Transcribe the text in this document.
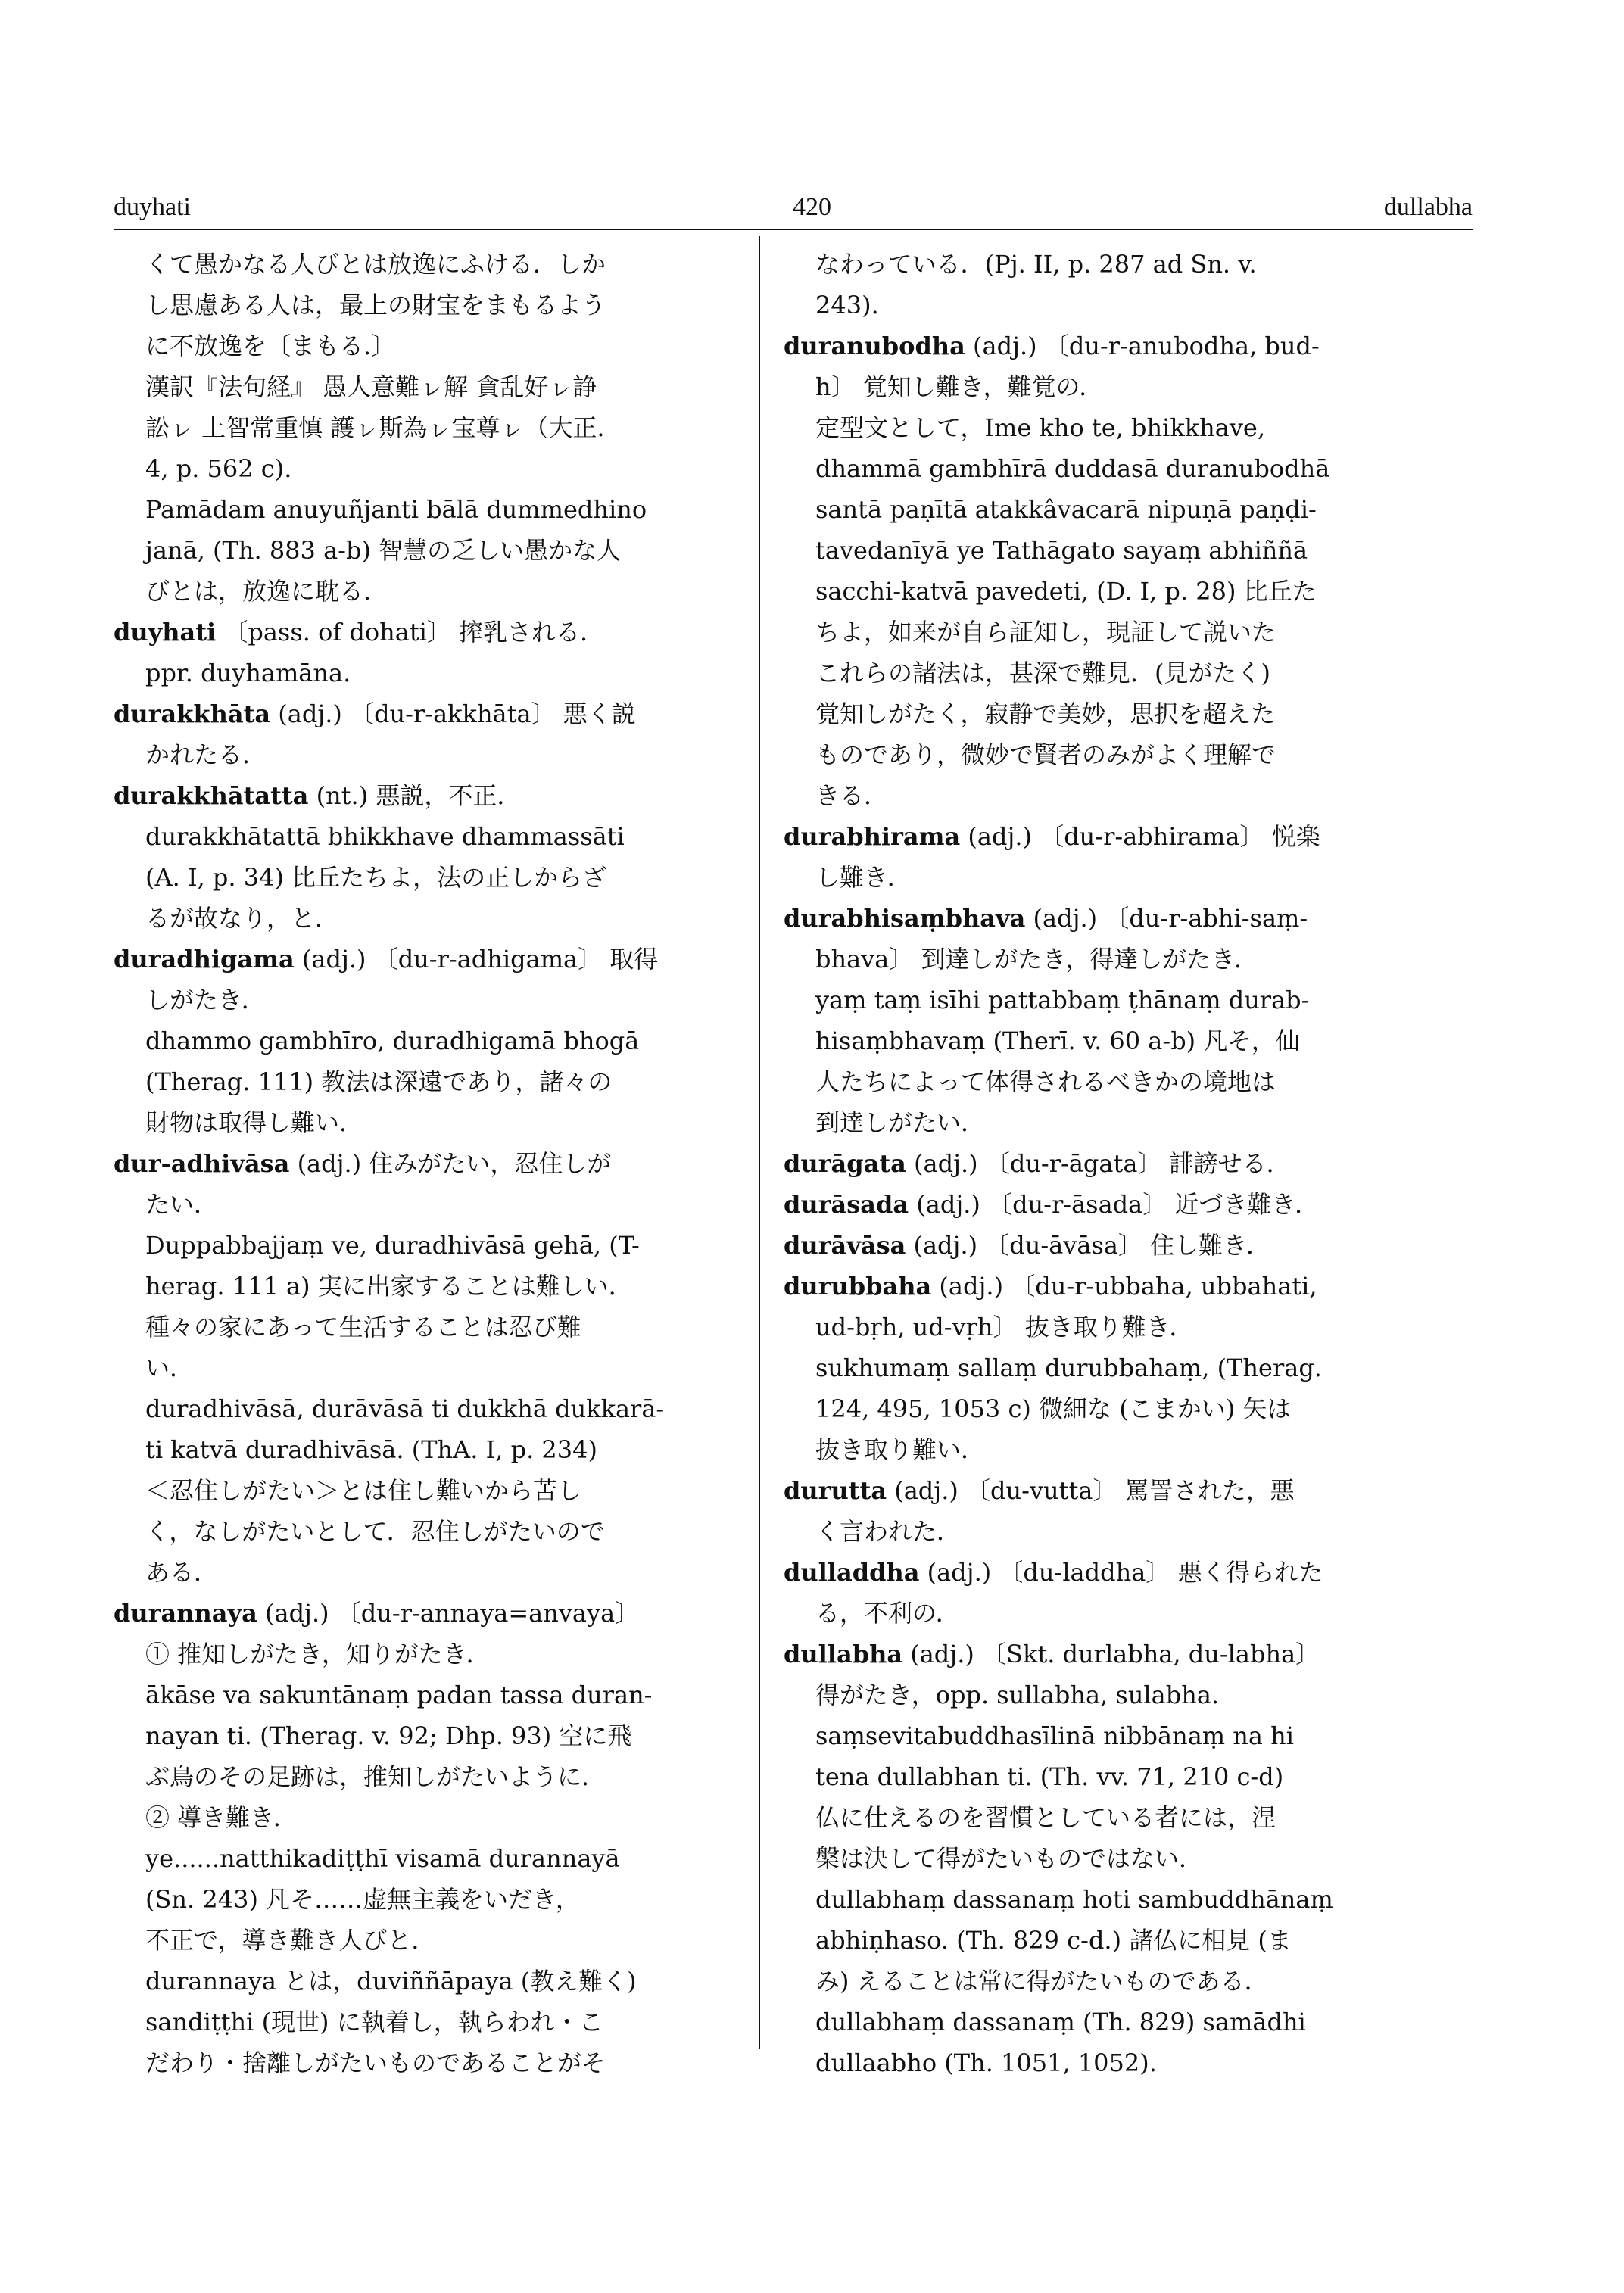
duyhati	420	dullabha
くて愚かなる人びとは放逸にふける．しか
し思慮ある人は，最上の財宝をまもるよう
に不放逸を〔まもる.〕
漢訳『法句経』 愚人意難ㇾ解 貪乱好ㇾ諍
訟ㇾ 上智常重慎 護ㇾ斯為ㇾ宝尊ㇾ（大正.
4, p. 562 c).
Pamādam anuyuñjanti bālā dummedhino
janā, (Th. 883 a-b) 智慧の乏しい愚かな人
びとは，放逸に耽る．
duyhati 〔pass. of dohati〕 搾乳される．
ppr. duyhamāna.
durakkhāta (adj.) 〔du-r-akkhāta〕 悪く説
かれたる．
durakkhātatta (nt.) 悪説，不正．
durakkhātattā bhikkhave dhammassāti
(A. I, p. 34) 比丘たちよ，法の正しからざ
るが故なり，と．
duradhigama (adj.) 〔du-r-adhigama〕 取得
しがたき．
dhammo gambhīro, duradhigamā bhogā
(Therag. 111) 教法は深遠であり，諸々の
財物は取得し難い．
dur-adhivāsa (adj.) 住みがたい，忍住しが
たい．
Duppabbajjaṃ ve, duradhivāsā gehā, (T-
herag. 111 a) 実に出家することは難しい．
種々の家にあって生活することは忍び難
い．
duradhivāsā, durāvāsā ti dukkhā dukkarā-
ti katvā duradhivāsā. (ThA. I, p. 234)
＜忍住しがたい＞とは住し難いから苦し
く，なしがたいとして．忍住しがたいので
ある．
durannaya (adj.) 〔du-r-annaya=anvaya〕
① 推知しがたき，知りがたき．
ākāse va sakuntānaṃ padan tassa duran-
nayan ti. (Therag. v. 92; Dhp. 93) 空に飛
ぶ鳥のその足跡は，推知しがたいように．
② 導き難き．
ye......natthikadiṭṭhī visamā durannayā
(Sn. 243) 凡そ……虚無主義をいだき，
不正で，導き難き人びと．
durannaya とは，duviññāpaya (教え難く)
sandiṭṭhi (現世) に執着し，執らわれ・こ
だわり・捨離しがたいものであることがそ
なわっている．(Pj. II, p. 287 ad Sn. v.
243).
duranubodha (adj.) 〔du-r-anubodha, bud-
h〕 覚知し難き，難覚の．
定型文として，Ime kho te, bhikkhave,
dhammā gambhīrā duddasā duranubodhā
santā paṇītā atakkâvacarā nipuṇā paṇḍi-
tavedanīyā ye Tathāgato sayaṃ abhiññā
sacchi-katvā pavedeti, (D. I, p. 28) 比丘た
ちよ，如来が自ら証知し，現証して説いた
これらの諸法は，甚深で難見．(見がたく)
覚知しがたく，寂静で美妙，思択を超えた
ものであり，微妙で賢者のみがよく理解で
きる．
durabhirama (adj.) 〔du-r-abhirama〕 悦楽
し難き．
durabhisaṃbhava (adj.) 〔du-r-abhi-saṃ-
bhava〕 到達しがたき，得達しがたき．
yaṃ taṃ isīhi pattabbaṃ ṭhānaṃ durab-
hisaṃbhavaṃ (Therī. v. 60 a-b) 凡そ，仙
人たちによって体得されるべきかの境地は
到達しがたい．
durāgata (adj.) 〔du-r-āgata〕 誹謗せる．
durāsada (adj.) 〔du-r-āsada〕 近づき難き．
durāvāsa (adj.) 〔du-āvāsa〕 住し難き．
durubbaha (adj.) 〔du-r-ubbaha, ubbahati,
ud-bṛh, ud-vṛh〕 抜き取り難き．
sukhumaṃ sallaṃ durubbahaṃ, (Therag.
124, 495, 1053 c) 微細な (こまかい) 矢は
抜き取り難い．
durutta (adj.) 〔du-vutta〕 罵詈された，悪
く言われた．
dulladdha (adj.) 〔du-laddha〕 悪く得られた
る，不利の．
dullabha (adj.) 〔Skt. durlabha, du-labha〕
得がたき，opp. sullabha, sulabha.
saṃsevitabuddhasīlinā nibbānaṃ na hi
tena dullabhan ti. (Th. vv. 71, 210 c-d)
仏に仕えるのを習慣としている者には，涅
槃は決して得がたいものではない．
dullabhaṃ dassanaṃ hoti sambuddhānaṃ
abhiṇhaso. (Th. 829 c-d.) 諸仏に相見 (ま
み) えることは常に得がたいものである．
dullabhaṃ dassanaṃ (Th. 829) samādhi
dullaabho (Th. 1051, 1052).
